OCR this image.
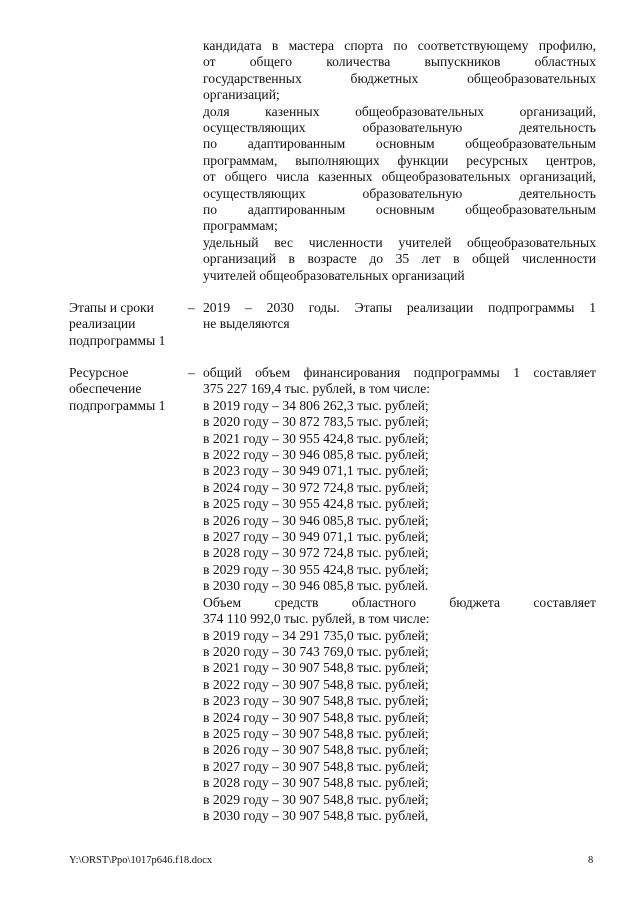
кандидата в мастера спорта по соответствующему профилю,
от общего количества выпускников областных
государственных бюджетных общеобразовательных
организаций;
доля казенных общеобразовательных организаций,
осуществляющих образовательную деятельность
по адаптированным основным общеобразовательным
программам, выполняющих функции ресурсных центров,
от общего числа казенных общеобразовательных организаций,
осуществляющих образовательную деятельность
по адаптированным основным общеобразовательным
программам;
удельный вес численности учителей общеобразовательных
организаций в возрасте до 35 лет в общей численности
учителей общеобразовательных организаций
Этапы и сроки
реализации
подпрограммы 1
– 2019 – 2030 годы. Этапы реализации подпрограммы 1
не выделяются
Ресурсное
обеспечение
подпрограммы 1
– общий объем финансирования подпрограммы 1 составляет
375 227 169,4 тыс. рублей, в том числе:
в 2019 году – 34 806 262,3 тыс. рублей;
в 2020 году – 30 872 783,5 тыс. рублей;
в 2021 году – 30 955 424,8 тыс. рублей;
в 2022 году – 30 946 085,8 тыс. рублей;
в 2023 году – 30 949 071,1 тыс. рублей;
в 2024 году – 30 972 724,8 тыс. рублей;
в 2025 году – 30 955 424,8 тыс. рублей;
в 2026 году – 30 946 085,8 тыс. рублей;
в 2027 году – 30 949 071,1 тыс. рублей;
в 2028 году – 30 972 724,8 тыс. рублей;
в 2029 году – 30 955 424,8 тыс. рублей;
в 2030 году – 30 946 085,8 тыс. рублей.
Объем средств областного бюджета составляет
374 110 992,0 тыс. рублей, в том числе:
в 2019 году – 34 291 735,0 тыс. рублей;
в 2020 году – 30 743 769,0 тыс. рублей;
в 2021 году – 30 907 548,8 тыс. рублей;
в 2022 году – 30 907 548,8 тыс. рублей;
в 2023 году – 30 907 548,8 тыс. рублей;
в 2024 году – 30 907 548,8 тыс. рублей;
в 2025 году – 30 907 548,8 тыс. рублей;
в 2026 году – 30 907 548,8 тыс. рублей;
в 2027 году – 30 907 548,8 тыс. рублей;
в 2028 году – 30 907 548,8 тыс. рублей;
в 2029 году – 30 907 548,8 тыс. рублей;
в 2030 году – 30 907 548,8 тыс. рублей,
Y:\ORST\Ppo\1017p646.f18.docx	8
